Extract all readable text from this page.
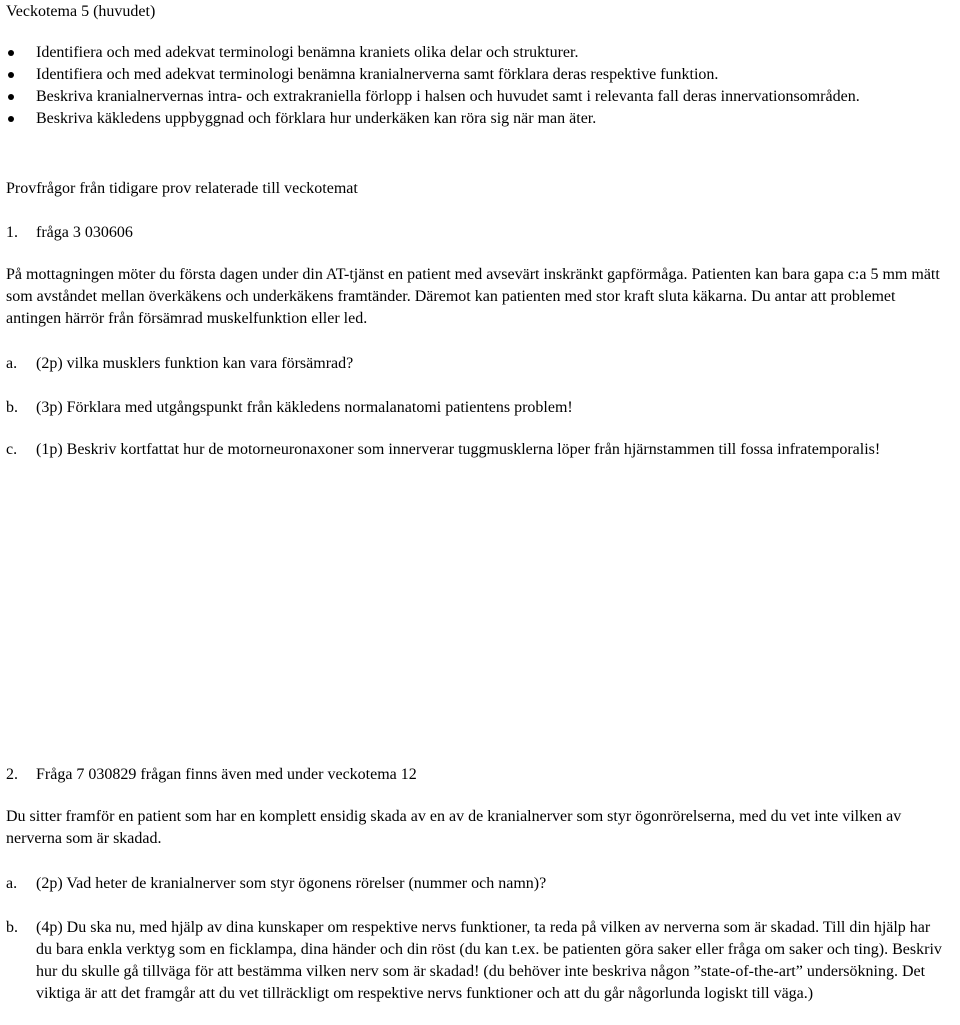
Veckotema 5 (huvudet)
Identifiera och med adekvat terminologi benämna kraniets olika delar och strukturer.
Identifiera och med adekvat terminologi benämna kranialnerverna samt förklara deras respektive funktion.
Beskriva kranialnervernas intra- och extrakraniella förlopp i halsen och huvudet samt i relevanta fall deras innervationsområden.
Beskriva käkledens uppbyggnad och förklara hur underkäken kan röra sig när man äter.

Provfrågor från tidigare prov relaterade till veckotemat

1. fråga 3 030606

På mottagningen möter du första dagen under din AT-tjänst en patient med avsevärt inskränkt gapförmåga. Patienten kan bara gapa c:a 5 mm mätt som avståndet mellan överkäkens och underkäkens framtänder. Däremot kan patienten med stor kraft sluta käkarna. Du antar att problemet antingen härrör från försämrad muskelfunktion eller led.

a. (2p) vilka musklers funktion kan vara försämrad?
b. (3p) Förklara med utgångspunkt från käkledens normalanatomi patientens problem!
c. (1p) Beskriv kortfattat hur de motorneuronaxoner som innerverar tuggmusklerna löper från hjärnstammen till fossa infratemporalis!

2. Fråga 7 030829 frågan finns även med under veckotema 12

Du sitter framför en patient som har en komplett ensidig skada av en av de kranialnerver som styr ögonrörelserna, med du vet inte vilken av nerverna som är skadad.

a. (2p) Vad heter de kranialnerver som styr ögonens rörelser (nummer och namn)?
b. (4p) Du ska nu, med hjälp av dina kunskaper om respektive nervs funktioner, ta reda på vilken av nerverna som är skadad. Till din hjälp har du bara enkla verktyg som en ficklampa, dina händer och din röst (du kan t.ex. be patienten göra saker eller fråga om saker och ting). Beskriv hur du skulle gå tillväga för att bestämma vilken nerv som är skadad! (du behöver inte beskriva någon ”state-of-the-art” undersökning. Det viktiga är att det framgår att du vet tillräckligt om respektive nervs funktioner och att du går någorlunda logiskt till väga.)
